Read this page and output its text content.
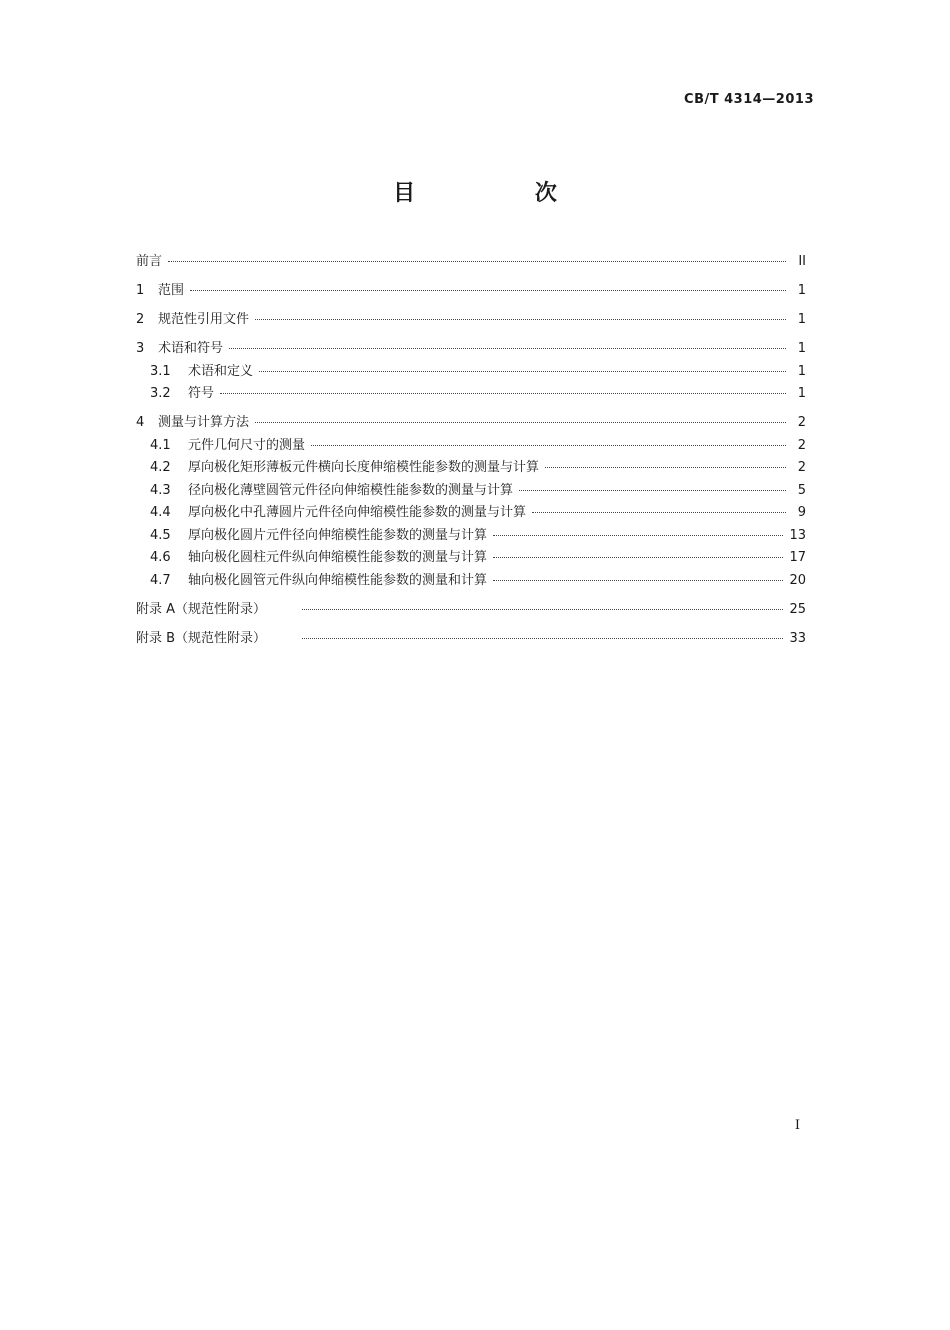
CB/T 4314—2013
目 次
前言	II
1	范围	1
2	规范性引用文件	1
3	术语和符号	1
3.1	术语和定义	1
3.2	符号	1
4	测量与计算方法	2
4.1	元件几何尺寸的测量	2
4.2	厚向极化矩形薄板元件横向长度伸缩模性能参数的测量与计算	2
4.3	径向极化薄壁圆管元件径向伸缩模性能参数的测量与计算	5
4.4	厚向极化中孔薄圆片元件径向伸缩模性能参数的测量与计算	9
4.5	厚向极化圆片元件径向伸缩模性能参数的测量与计算	13
4.6	轴向极化圆柱元件纵向伸缩模性能参数的测量与计算	17
4.7	轴向极化圆管元件纵向伸缩模性能参数的测量和计算	20
附录 A（规范性附录）	25
附录 B（规范性附录）	33
I
